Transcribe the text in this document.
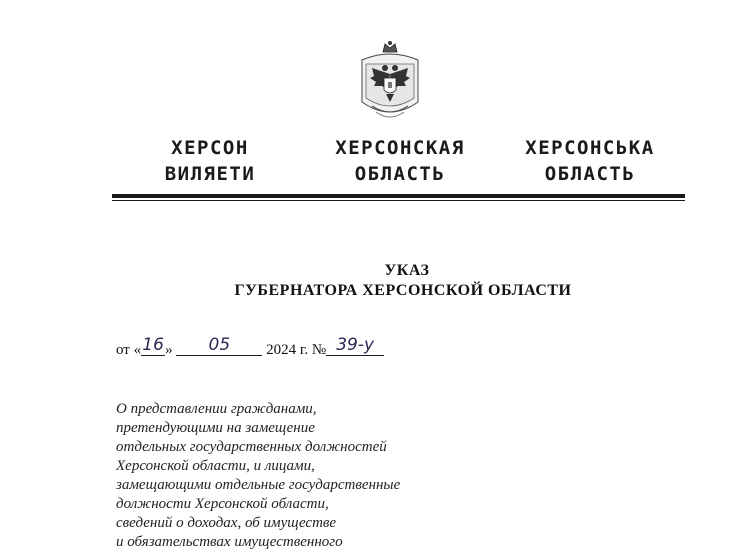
ХЕРСОН
ВИЛЯЕТИ
ХЕРСОНСКАЯ
ОБЛАСТЬ
ХЕРСОНСЬКА
ОБЛАСТЬ
УКАЗ
ГУБЕРНАТОРА ХЕРСОНСКОЙ ОБЛАСТИ
от «16» 05 2024 г. № 39-у
О представлении гражданами,
претендующими на замещение
отдельных государственных должностей
Херсонской области, и лицами,
замещающими отдельные государственные
должности Херсонской области,
сведений о доходах, об имуществе
и обязательствах имущественного
